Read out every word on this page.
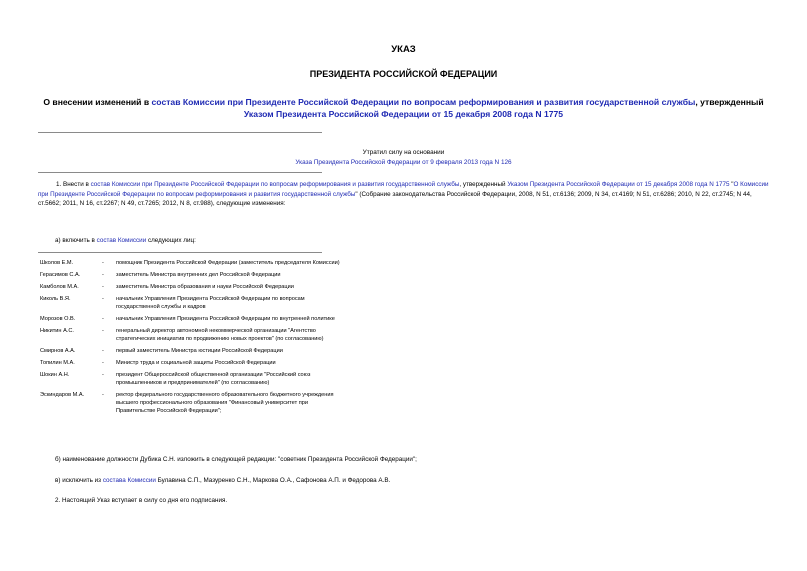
УКАЗ
ПРЕЗИДЕНТА РОССИЙСКОЙ ФЕДЕРАЦИИ
О внесении изменений в состав Комиссии при Президенте Российской Федерации по вопросам реформирования и развития государственной службы, утвержденный Указом Президента Российской Федерации от 15 декабря 2008 года N 1775
Утратил силу на основании
Указа Президента Российской Федерации от 9 февраля 2013 года N 126
1. Внести в состав Комиссии при Президенте Российской Федерации по вопросам реформирования и развития государственной службы, утвержденный Указом Президента Российской Федерации от 15 декабря 2008 года N 1775 "О Комиссии при Президенте Российской Федерации по вопросам реформирования и развития государственной службы" (Собрание законодательства Российской Федерации, 2008, N 51, ст.6136; 2009, N 34, ст.4169; N 51, ст.6286; 2010, N 22, ст.2745; N 44, ст.5662; 2011, N 16, ст.2267; N 49, ст.7265; 2012, N 8, ст.988), следующие изменения:
а) включить в состав Комиссии следующих лиц:
Школов Е.М.	-	помощник Президента Российской Федерации (заместитель председателя Комиссии)
Герасимов С.А.	-	заместитель Министра внутренних дел Российской Федерации
Камболов М.А.	-	заместитель Министра образования и науки Российской Федерации
Киколь В.Я.	-	начальник Управления Президента Российской Федерации по вопросам государственной службы и кадров
Морозов О.В.	-	начальник Управления Президента Российской Федерации по внутренней политике
Никитин А.С.	-	генеральный директор автономной некоммерческой организации "Агентство стратегических инициатив по продвижению новых проектов" (по согласованию)
Смирнов А.А.	-	первый заместитель Министра юстиции Российской Федерации
Топилин М.А.	-	Министр труда и социальной защиты Российской Федерации
Шокин А.Н.	-	президент Общероссийской общественной организации "Российский союз промышленников и предпринимателей" (по согласованию)
Эскиндаров М.А.	-	ректор федерального государственного образовательного бюджетного учреждения высшего профессионального образования "Финансовый университет при Правительстве Российской Федерации";
б) наименование должности Дубика С.Н. изложить в следующей редакции: "советник Президента Российской Федерации";
в) исключить из состава Комиссии Булавина С.П., Мазуренко С.Н., Маркова О.А., Сафонова А.П. и Федорова А.В.
2. Настоящий Указ вступает в силу со дня его подписания.
